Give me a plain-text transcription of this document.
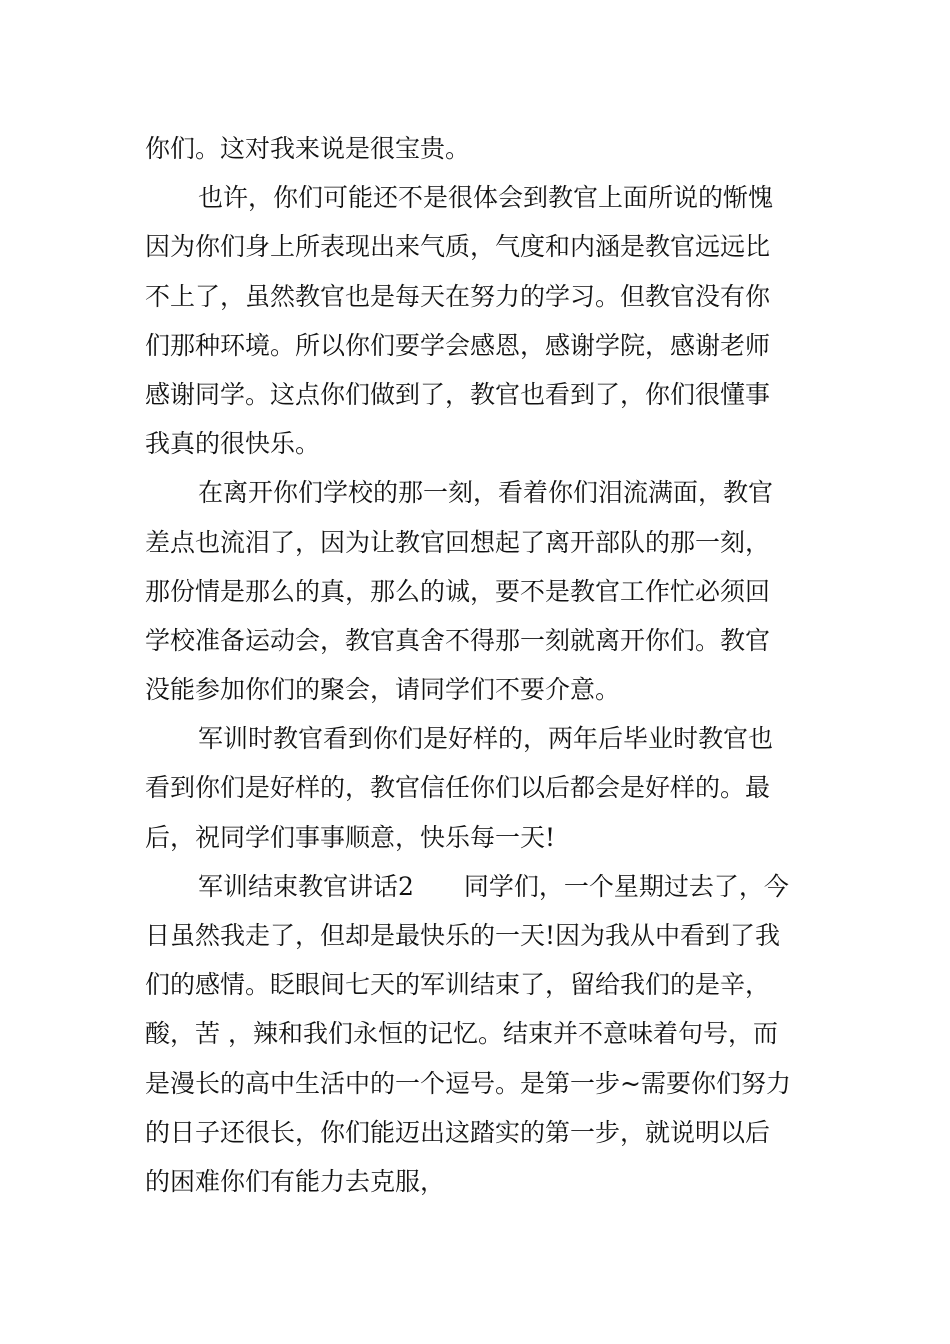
你们。这对我来说是很宝贵。
也许，你们可能还不是很体会到教官上面所说的惭愧
因为你们身上所表现出来气质，气度和内涵是教官远远比
不上了，虽然教官也是每天在努力的学习。但教官没有你
们那种环境。所以你们要学会感恩，感谢学院，感谢老师
感谢同学。这点你们做到了，教官也看到了，你们很懂事
我真的很快乐。
在离开你们学校的那一刻，看着你们泪流满面，教官
差点也流泪了，因为让教官回想起了离开部队的那一刻，
那份情是那么的真，那么的诚，要不是教官工作忙必须回
学校准备运动会，教官真舍不得那一刻就离开你们。教官
没能参加你们的聚会，请同学们不要介意。
军训时教官看到你们是好样的，两年后毕业时教官也
看到你们是好样的，教官信任你们以后都会是好样的。最
后，祝同学们事事顺意，快乐每一天!
军训结束教官讲话2　　同学们，一个星期过去了，今
日虽然我走了，但却是最快乐的一天!因为我从中看到了我
们的感情。眨眼间七天的军训结束了，留给我们的是辛，
酸，苦 ，辣和我们永恒的记忆。结束并不意味着句号，而
是漫长的高中生活中的一个逗号。是第一步~需要你们努力
的日子还很长，你们能迈出这踏实的第一步，就说明以后
的困难你们有能力去克服，
